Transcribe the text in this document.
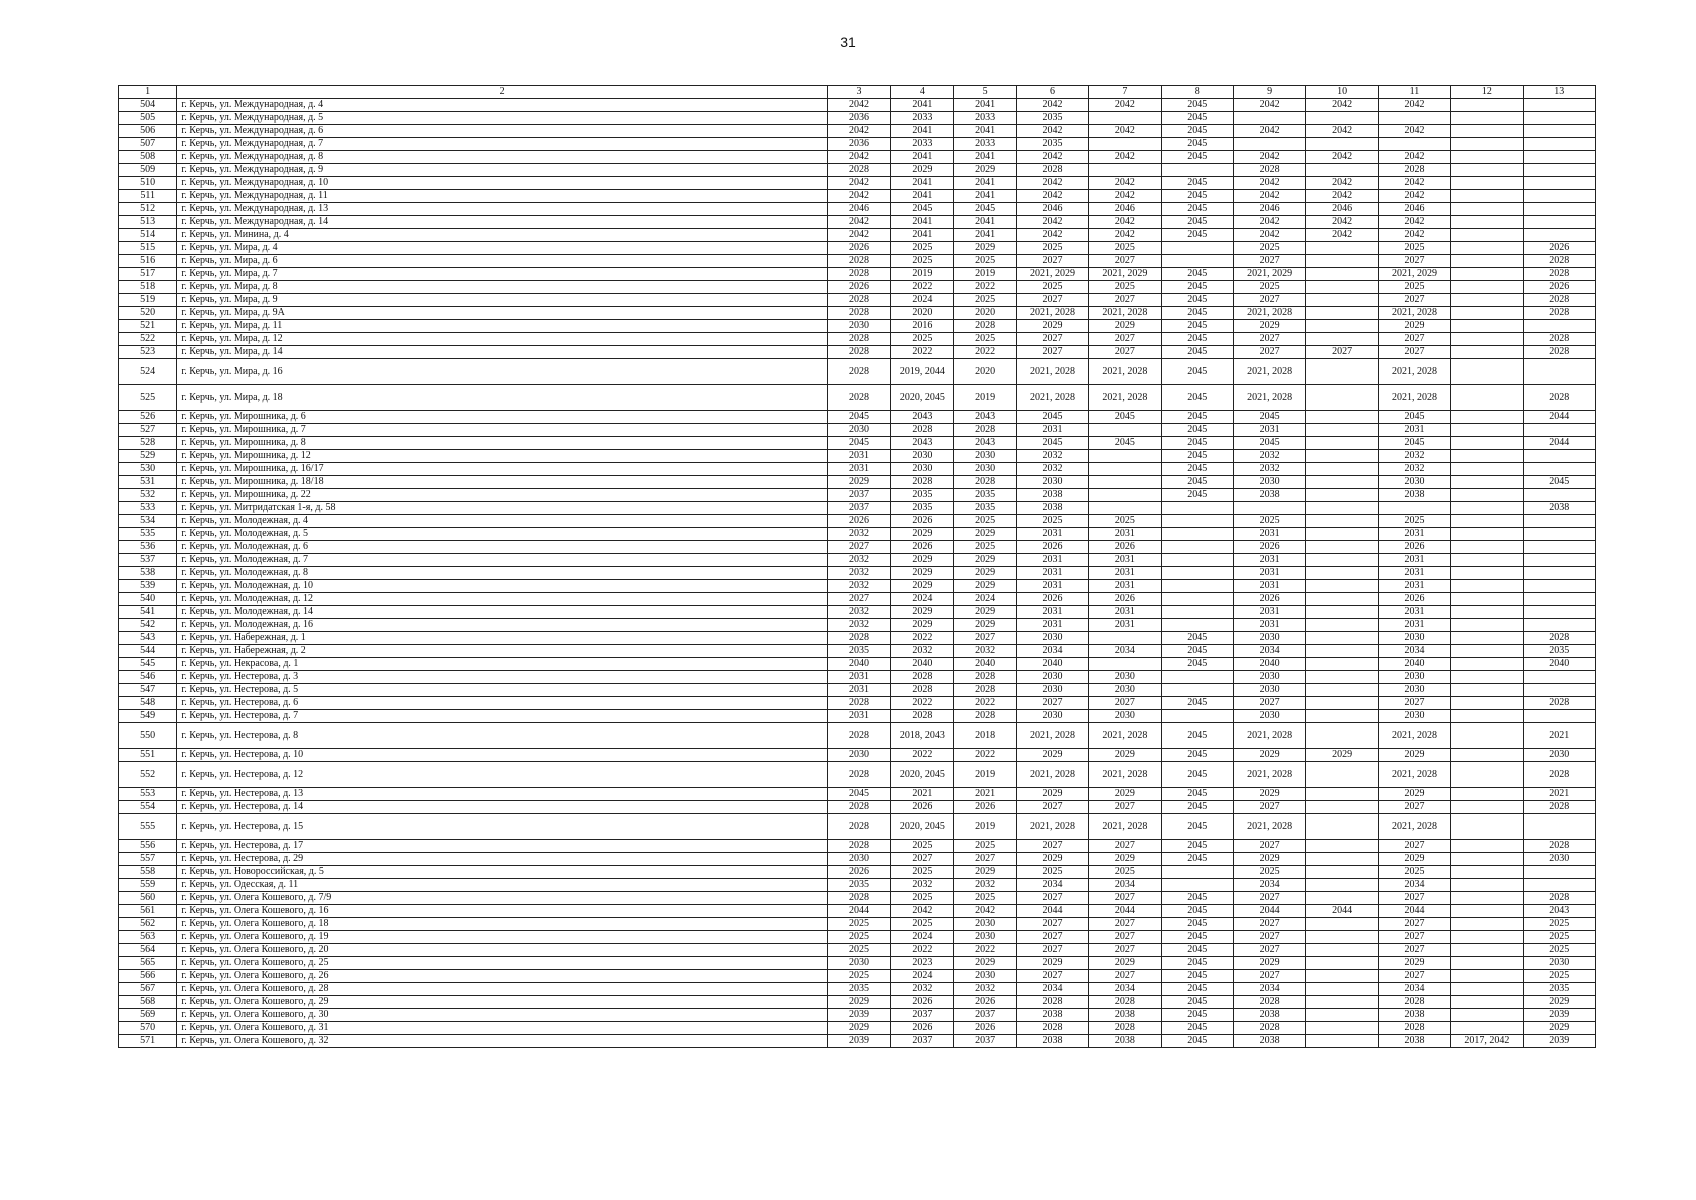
31
1	2	3	4	5	6	7	8	9	10	11	12	13
504	г. Керчь, ул. Международная, д. 4	2042	2041	2041	2042	2042	2045	2042	2042	2042		
505	г. Керчь, ул. Международная, д. 5	2036	2033	2033	2035		2045					
506	г. Керчь, ул. Международная, д. 6	2042	2041	2041	2042	2042	2045	2042	2042	2042		
507	г. Керчь, ул. Международная, д. 7	2036	2033	2033	2035		2045					
508	г. Керчь, ул. Международная, д. 8	2042	2041	2041	2042	2042	2045	2042	2042	2042		
509	г. Керчь, ул. Международная, д. 9	2028	2029	2029	2028			2028		2028		
510	г. Керчь, ул. Международная, д. 10	2042	2041	2041	2042	2042	2045	2042	2042	2042		
511	г. Керчь, ул. Международная, д. 11	2042	2041	2041	2042	2042	2045	2042	2042	2042		
512	г. Керчь, ул. Международная, д. 13	2046	2045	2045	2046	2046	2045	2046	2046	2046		
513	г. Керчь, ул. Международная, д. 14	2042	2041	2041	2042	2042	2045	2042	2042	2042		
514	г. Керчь, ул. Минина, д. 4	2042	2041	2041	2042	2042	2045	2042	2042	2042		
515	г. Керчь, ул. Мира, д. 4	2026	2025	2029	2025	2025		2025		2025		2026
516	г. Керчь, ул. Мира, д. 6	2028	2025	2025	2027	2027		2027		2027		2028
517	г. Керчь, ул. Мира, д. 7	2028	2019	2019	2021, 2029	2021, 2029	2045	2021, 2029		2021, 2029		2028
518	г. Керчь, ул. Мира, д. 8	2026	2022	2022	2025	2025	2045	2025		2025		2026
519	г. Керчь, ул. Мира, д. 9	2028	2024	2025	2027	2027	2045	2027		2027		2028
520	г. Керчь, ул. Мира, д. 9А	2028	2020	2020	2021, 2028	2021, 2028	2045	2021, 2028		2021, 2028		2028
521	г. Керчь, ул. Мира, д. 11	2030	2016	2028	2029	2029	2045	2029		2029		
522	г. Керчь, ул. Мира, д. 12	2028	2025	2025	2027	2027	2045	2027		2027		2028
523	г. Керчь, ул. Мира, д. 14	2028	2022	2022	2027	2027	2045	2027	2027	2027		2028
524	г. Керчь, ул. Мира, д. 16	2028	2019, 2044	2020	2021, 2028	2021, 2028	2045	2021, 2028		2021, 2028		
525	г. Керчь, ул. Мира, д. 18	2028	2020, 2045	2019	2021, 2028	2021, 2028	2045	2021, 2028		2021, 2028		2028
526	г. Керчь, ул. Мирошника, д. 6	2045	2043	2043	2045	2045	2045	2045		2045		2044
527	г. Керчь, ул. Мирошника, д. 7	2030	2028	2028	2031		2045	2031		2031		
528	г. Керчь, ул. Мирошника, д. 8	2045	2043	2043	2045	2045	2045	2045		2045		2044
529	г. Керчь, ул. Мирошника, д. 12	2031	2030	2030	2032		2045	2032		2032		
530	г. Керчь, ул. Мирошника, д. 16/17	2031	2030	2030	2032		2045	2032		2032		
531	г. Керчь, ул. Мирошника, д. 18/18	2029	2028	2028	2030		2045	2030		2030		2045
532	г. Керчь, ул. Мирошника, д. 22	2037	2035	2035	2038		2045	2038		2038		
533	г. Керчь, ул. Митридатская 1-я, д. 58	2037	2035	2035	2038							2038
534	г. Керчь, ул. Молодежная, д. 4	2026	2026	2025	2025	2025		2025		2025		
535	г. Керчь, ул. Молодежная, д. 5	2032	2029	2029	2031	2031		2031		2031		
536	г. Керчь, ул. Молодежная, д. 6	2027	2026	2025	2026	2026		2026		2026		
537	г. Керчь, ул. Молодежная, д. 7	2032	2029	2029	2031	2031		2031		2031		
538	г. Керчь, ул. Молодежная, д. 8	2032	2029	2029	2031	2031		2031		2031		
539	г. Керчь, ул. Молодежная, д. 10	2032	2029	2029	2031	2031		2031		2031		
540	г. Керчь, ул. Молодежная, д. 12	2027	2024	2024	2026	2026		2026		2026		
541	г. Керчь, ул. Молодежная, д. 14	2032	2029	2029	2031	2031		2031		2031		
542	г. Керчь, ул. Молодежная, д. 16	2032	2029	2029	2031	2031		2031		2031		
543	г. Керчь, ул. Набережная, д. 1	2028	2022	2027	2030		2045	2030		2030		2028
544	г. Керчь, ул. Набережная, д. 2	2035	2032	2032	2034	2034	2045	2034		2034		2035
545	г. Керчь, ул. Некрасова, д. 1	2040	2040	2040	2040		2045	2040		2040		2040
546	г. Керчь, ул. Нестерова, д. 3	2031	2028	2028	2030	2030		2030		2030		
547	г. Керчь, ул. Нестерова, д. 5	2031	2028	2028	2030	2030		2030		2030		
548	г. Керчь, ул. Нестерова, д. 6	2028	2022	2022	2027	2027	2045	2027		2027		2028
549	г. Керчь, ул. Нестерова, д. 7	2031	2028	2028	2030	2030		2030		2030		
550	г. Керчь, ул. Нестерова, д. 8	2028	2018, 2043	2018	2021, 2028	2021, 2028	2045	2021, 2028		2021, 2028		2021
551	г. Керчь, ул. Нестерова, д. 10	2030	2022	2022	2029	2029	2045	2029	2029	2029		2030
552	г. Керчь, ул. Нестерова, д. 12	2028	2020, 2045	2019	2021, 2028	2021, 2028	2045	2021, 2028		2021, 2028		2028
553	г. Керчь, ул. Нестерова, д. 13	2045	2021	2021	2029	2029	2045	2029		2029		2021
554	г. Керчь, ул. Нестерова, д. 14	2028	2026	2026	2027	2027	2045	2027		2027		2028
555	г. Керчь, ул. Нестерова, д. 15	2028	2020, 2045	2019	2021, 2028	2021, 2028	2045	2021, 2028		2021, 2028		
556	г. Керчь, ул. Нестерова, д. 17	2028	2025	2025	2027	2027	2045	2027		2027		2028
557	г. Керчь, ул. Нестерова, д. 29	2030	2027	2027	2029	2029	2045	2029		2029		2030
558	г. Керчь, ул. Новороссийская, д. 5	2026	2025	2029	2025	2025		2025		2025		
559	г. Керчь, ул. Одесская, д. 11	2035	2032	2032	2034	2034		2034		2034		
560	г. Керчь, ул. Олега Кошевого, д. 7/9	2028	2025	2025	2027	2027	2045	2027		2027		2028
561	г. Керчь, ул. Олега Кошевого, д. 16	2044	2042	2042	2044	2044	2045	2044	2044	2044		2043
562	г. Керчь, ул. Олега Кошевого, д. 18	2025	2025	2030	2027	2027	2045	2027		2027		2025
563	г. Керчь, ул. Олега Кошевого, д. 19	2025	2024	2030	2027	2027	2045	2027		2027		2025
564	г. Керчь, ул. Олега Кошевого, д. 20	2025	2022	2022	2027	2027	2045	2027		2027		2025
565	г. Керчь, ул. Олега Кошевого, д. 25	2030	2023	2029	2029	2029	2045	2029		2029		2030
566	г. Керчь, ул. Олега Кошевого, д. 26	2025	2024	2030	2027	2027	2045	2027		2027		2025
567	г. Керчь, ул. Олега Кошевого, д. 28	2035	2032	2032	2034	2034	2045	2034		2034		2035
568	г. Керчь, ул. Олега Кошевого, д. 29	2029	2026	2026	2028	2028	2045	2028		2028		2029
569	г. Керчь, ул. Олега Кошевого, д. 30	2039	2037	2037	2038	2038	2045	2038		2038		2039
570	г. Керчь, ул. Олега Кошевого, д. 31	2029	2026	2026	2028	2028	2045	2028		2028		2029
571	г. Керчь, ул. Олега Кошевого, д. 32	2039	2037	2037	2038	2038	2045	2038		2038	2017, 2042	2039
